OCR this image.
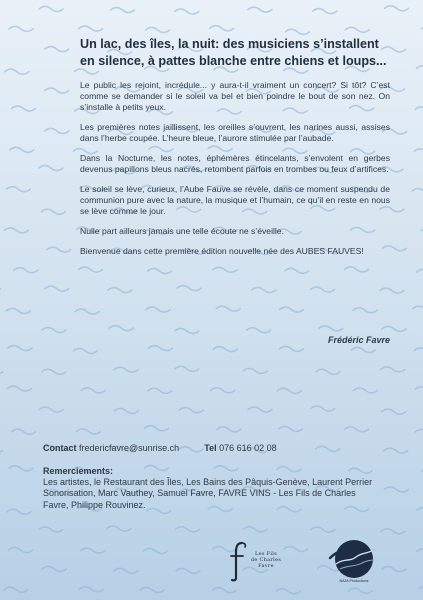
Un lac, des îles, la nuit: des musiciens s’installent en silence, à pattes blanche entre chiens et loups...

Le public les rejoint, incrédule... y aura-t-il vraiment un concert? Si tôt? C’est comme se demander si le soleil va bel et bien poindre le bout de son nez. On s’installe à petits yeux.

Les premières notes jaillissent, les oreilles s’ouvrent, les narines aussi, assises dans l’herbe coupée. L’heure bleue, l’aurore stimulée par l’aubade.

Dans la Nocturne, les notes, éphémères étincelants, s’envolent en gerbes devenus papillons bleus nacrés, retombent parfois en trombes ou feux d’artifices.

Le soleil se lève, curieux, l’Aube Fauve se révèle, dans ce moment suspendu de communion pure avec la nature, la musique et l’humain, ce qu’il en reste en nous se lève comme le jour.

Nulle part ailleurs jamais une telle écoute ne s’éveille.

Bienvenue dans cette première édition nouvelle née des AUBES FAUVES!

Frédéric Favre
Contact fredericfavre@sunrise.ch	Tel 076 616 02 08
Remerciements:
Les artistes, le Restaurant des Îles, Les Bains des Pâquis-Genève, Laurent Perrier Sonorisation, Marc Vauthey, Samuel Favre, FAVRE VINS - Les Fils de Charles Favre, Philippe Rouvinez.
Les Fils
de Charles
Favre
NAJA Productions
